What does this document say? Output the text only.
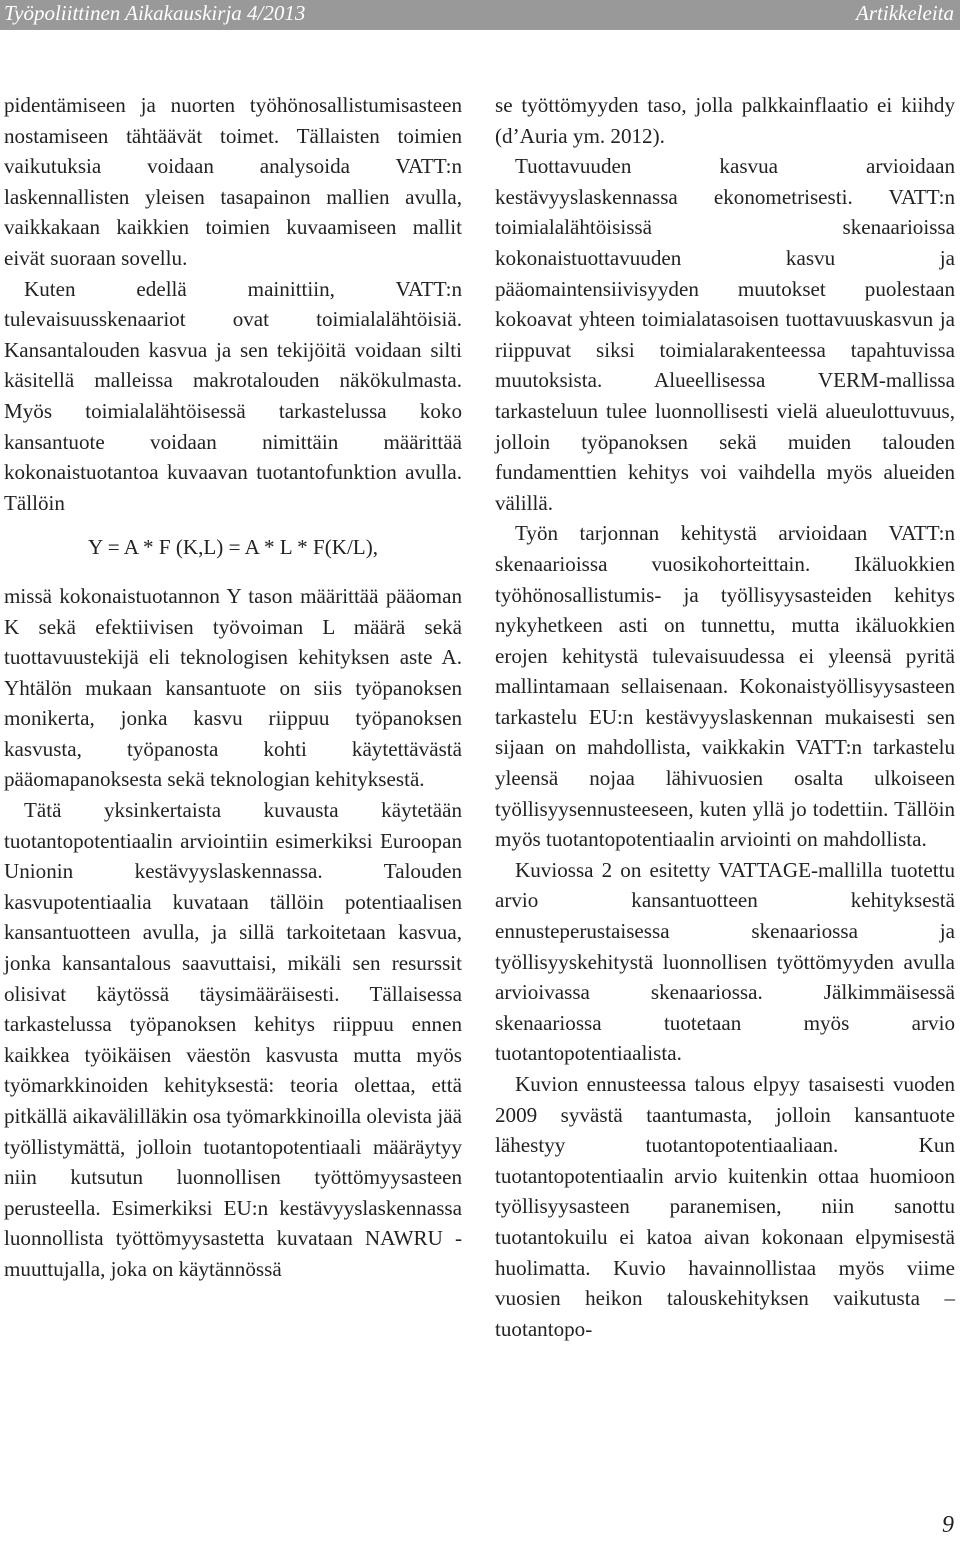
Työpoliittinen Aikakauskirja 4/2013	Artikkeleita

pidentämiseen ja nuorten työhönosallistumisasteen nostamiseen tähtäävät toimet. Tällaisten toimien vaikutuksia voidaan analysoida VATT:n laskennallisten yleisen tasapainon mallien avulla, vaikkakaan kaikkien toimien kuvaamiseen mallit eivät suoraan sovellu.

Kuten edellä mainittiin, VATT:n tulevaisuusskenaariot ovat toimialalähtöisiä. Kansantalouden kasvua ja sen tekijöitä voidaan silti käsitellä malleissa makrotalouden näkökulmasta. Myös toimialalähtöisessä tarkastelussa koko kansantuote voidaan nimittäin määrittää kokonaistuotantoa kuvaavan tuotantofunktion avulla. Tällöin

Y = A * F (K,L) = A * L * F(K/L),

missä kokonaistuotannon Y tason määrittää pääoman K sekä efektiivisen työvoiman L määrä sekä tuottavuustekijä eli teknologisen kehityksen aste A. Yhtälön mukaan kansantuote on siis työpanoksen monikerta, jonka kasvu riippuu työpanoksen kasvusta, työpanosta kohti käytettävästä pääomapanoksesta sekä teknologian kehityksestä.

Tätä yksinkertaista kuvausta käytetään tuotantopotentiaalin arviointiin esimerkiksi Euroopan Unionin kestävyyslaskennassa. Talouden kasvupotentiaalia kuvataan tällöin potentiaalisen kansantuotteen avulla, ja sillä tarkoitetaan kasvua, jonka kansantalous saavuttaisi, mikäli sen resurssit olisivat käytössä täysimääräisesti. Tällaisessa tarkastelussa työpanoksen kehitys riippuu ennen kaikkea työikäisen väestön kasvusta mutta myös työmarkkinoiden kehityksestä: teoria olettaa, että pitkällä aikavälilläkin osa työmarkkinoilla olevista jää työllistymättä, jolloin tuotantopotentiaali määräytyy niin kutsutun luonnollisen työttömyysasteen perusteella. Esimerkiksi EU:n kestävyyslaskennassa luonnollista työttömyysastetta kuvataan NAWRU -muuttujalla, joka on käytännössä

se työttömyyden taso, jolla palkkainflaatio ei kiihdy (d’Auria ym. 2012).

Tuottavuuden kasvua arvioidaan kestävyyslaskennassa ekonometrisesti. VATT:n toimialalähtöisissä skenaarioissa kokonaistuottavuuden kasvu ja pääomaintensiivisyyden muutokset puolestaan kokoavat yhteen toimialatasoisen tuottavuuskasvun ja riippuvat siksi toimialarakenteessa tapahtuvissa muutoksista. Alueellisessa VERM-mallissa tarkasteluun tulee luonnollisesti vielä alueulottuvuus, jolloin työpanoksen sekä muiden talouden fundamenttien kehitys voi vaihdella myös alueiden välillä.

Työn tarjonnan kehitystä arvioidaan VATT:n skenaarioissa vuosikohorteittain. Ikäluokkien työhönosallistumis- ja työllisyysasteiden kehitys nykyhetkeen asti on tunnettu, mutta ikäluokkien erojen kehitystä tulevaisuudessa ei yleensä pyritä mallintamaan sellaisenaan. Kokonaistyöllisyysasteen tarkastelu EU:n kestävyyslaskennan mukaisesti sen sijaan on mahdollista, vaikkakin VATT:n tarkastelu yleensä nojaa lähivuosien osalta ulkoiseen työllisyysennusteeseen, kuten yllä jo todettiin. Tällöin myös tuotantopotentiaalin arviointi on mahdollista.

Kuviossa 2 on esitetty VATTAGE-mallilla tuotettu arvio kansantuotteen kehityksestä ennusteperustaisessa skenaariossa ja työllisyyskehitystä luonnollisen työttömyyden avulla arvioivassa skenaariossa. Jälkimmäisessä skenaariossa tuotetaan myös arvio tuotantopotentiaalista.

Kuvion ennusteessa talous elpyy tasaisesti vuoden 2009 syvästä taantumasta, jolloin kansantuote lähestyy tuotantopotentiaaliaan. Kun tuotantopotentiaalin arvio kuitenkin ottaa huomioon työllisyysasteen paranemisen, niin sanottu tuotantokuilu ei katoa aivan kokonaan elpymisestä huolimatta. Kuvio havainnollistaa myös viime vuosien heikon talouskehityksen vaikutusta – tuotantopo-

9
